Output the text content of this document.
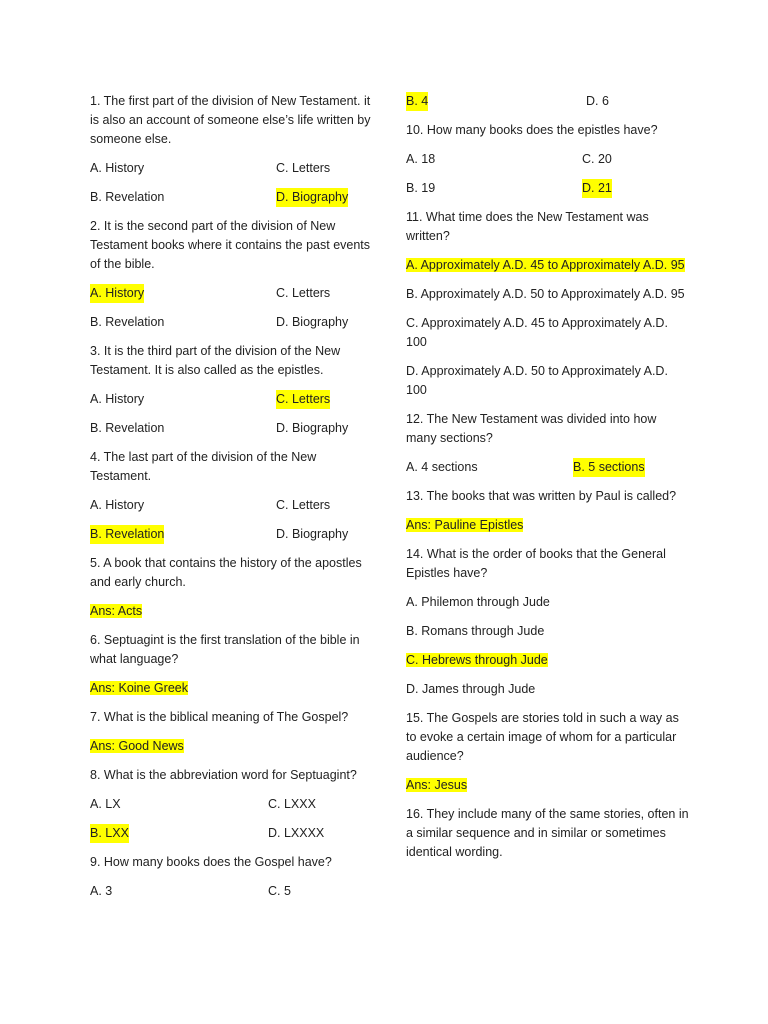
1. The first part of the division of New Testament. it is also an account of someone else’s life written by someone else.
A. History	C. Letters
B. Revelation	D. Biography
2. It is the second part of the division of New Testament books where it contains the past events of the bible.
A. History	C. Letters
B. Revelation	D. Biography
3. It is the third part of the division of the New Testament. It is also called as the epistles.
A. History	C. Letters
B. Revelation	D. Biography
4. The last part of the division of the New Testament.
A. History	C. Letters
B. Revelation	D. Biography
5. A book that contains the history of the apostles and early church.
Ans: Acts
6. Septuagint is the first translation of the bible in what language?
Ans: Koine Greek
7. What is the biblical meaning of The Gospel?
Ans: Good News
8. What is the abbreviation word for Septuagint?
A. LX	C. LXXX
B. LXX	D. LXXXX
9. How many books does the Gospel have?
A. 3	C. 5
B. 4	D. 6
10. How many books does the epistles have?
A. 18	C. 20
B. 19	D. 21
11. What time does the New Testament was written?
A. Approximately A.D. 45 to Approximately A.D. 95
B. Approximately A.D. 50 to Approximately A.D. 95
C. Approximately A.D. 45 to Approximately A.D. 100
D. Approximately A.D. 50 to Approximately A.D. 100
12. The New Testament was divided into how many sections?
A. 4 sections	B. 5 sections
13. The books that was written by Paul is called?
Ans: Pauline Epistles
14. What is the order of books that the General Epistles have?
A. Philemon through Jude
B. Romans through Jude
C. Hebrews through Jude
D. James through Jude
15. The Gospels are stories told in such a way as to evoke a certain image of whom for a particular audience?
Ans: Jesus
16. They include many of the same stories, often in a similar sequence and in similar or sometimes identical wording.
